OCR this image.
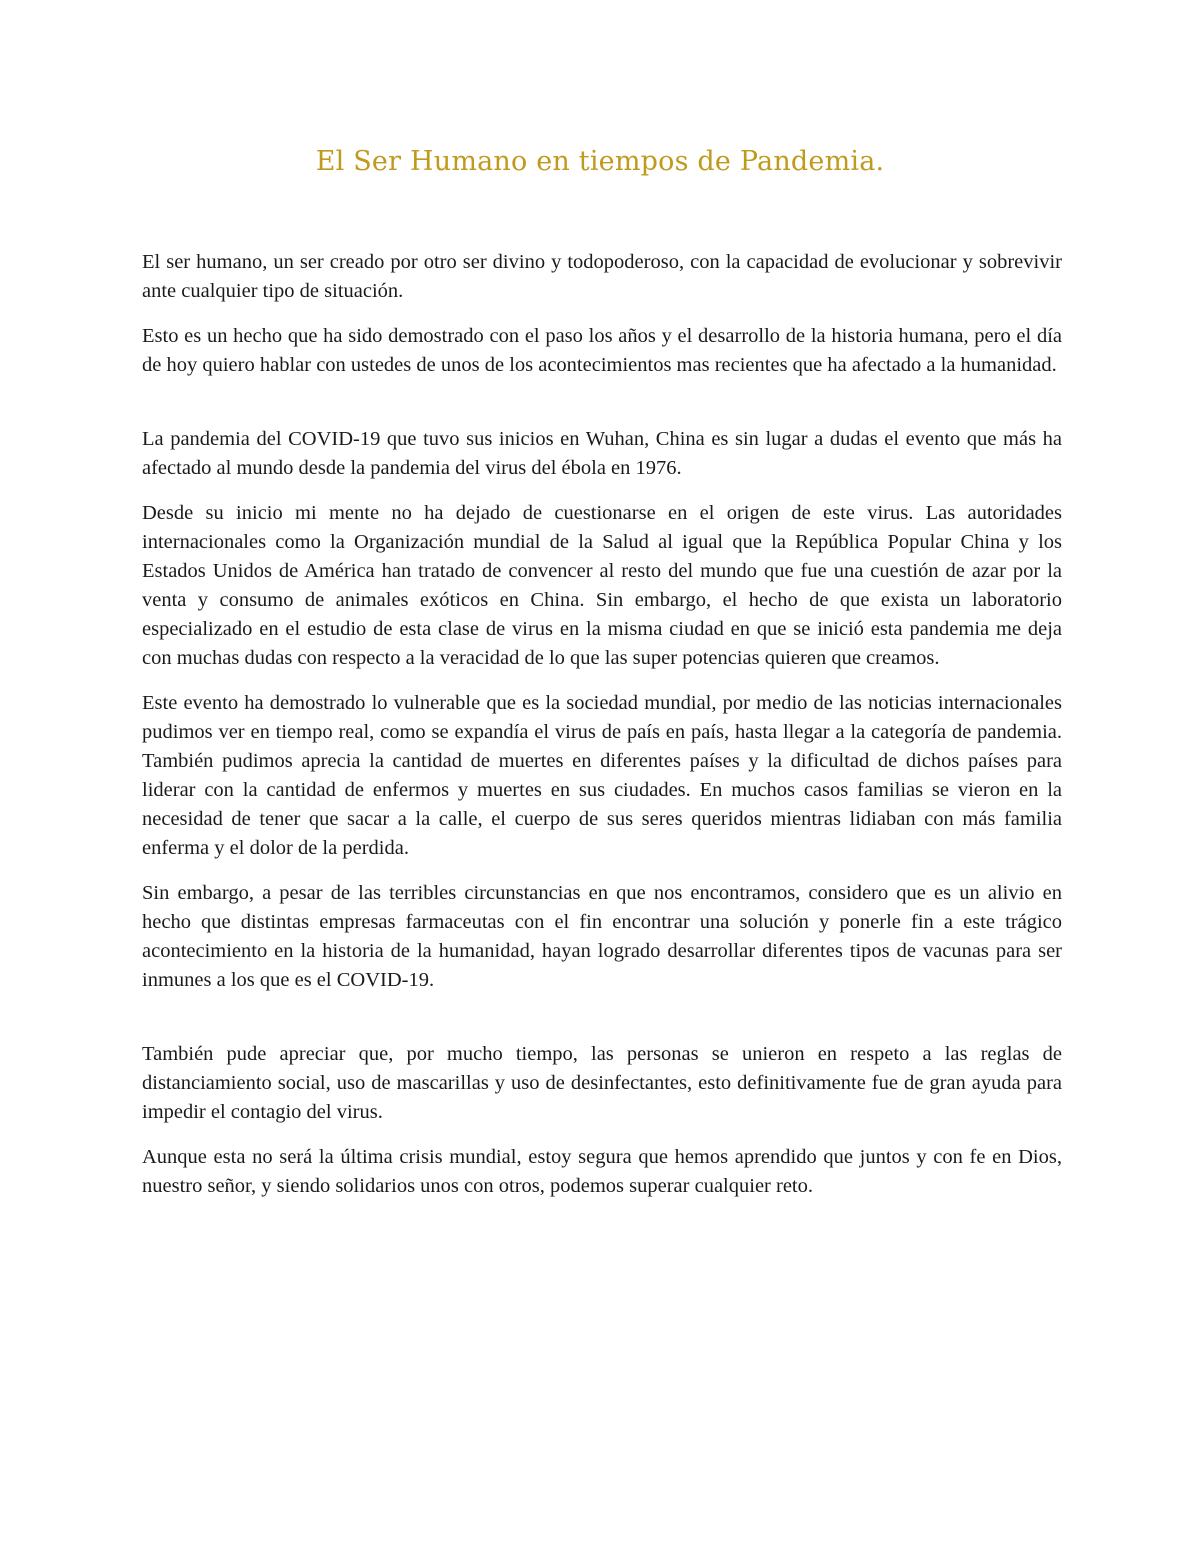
El Ser Humano en tiempos de Pandemia.

El ser humano, un ser creado por otro ser divino y todopoderoso, con la capacidad de evolucionar y sobrevivir ante cualquier tipo de situación.

Esto es un hecho que ha sido demostrado con el paso los años y el desarrollo de la historia humana, pero el día de hoy quiero hablar con ustedes de unos de los acontecimientos mas recientes que ha afectado a la humanidad.

La pandemia del COVID-19 que tuvo sus inicios en Wuhan, China es sin lugar a dudas el evento que más ha afectado al mundo desde la pandemia del virus del ébola en 1976.

Desde su inicio mi mente no ha dejado de cuestionarse en el origen de este virus. Las autoridades internacionales como la Organización mundial de la Salud al igual que la República Popular China y los Estados Unidos de América han tratado de convencer al resto del mundo que fue una cuestión de azar por la venta y consumo de animales exóticos en China. Sin embargo, el hecho de que exista un laboratorio especializado en el estudio de esta clase de virus en la misma ciudad en que se inició esta pandemia me deja con muchas dudas con respecto a la veracidad de lo que las super potencias quieren que creamos.

Este evento ha demostrado lo vulnerable que es la sociedad mundial, por medio de las noticias internacionales pudimos ver en tiempo real, como se expandía el virus de país en país, hasta llegar a la categoría de pandemia. También pudimos aprecia la cantidad de muertes en diferentes países y la dificultad de dichos países para liderar con la cantidad de enfermos y muertes en sus ciudades. En muchos casos familias se vieron en la necesidad de tener que sacar a la calle, el cuerpo de sus seres queridos mientras lidiaban con más familia enferma y el dolor de la perdida.

Sin embargo, a pesar de las terribles circunstancias en que nos encontramos, considero que es un alivio en hecho que distintas empresas farmaceutas con el fin encontrar una solución y ponerle fin a este trágico acontecimiento en la historia de la humanidad, hayan logrado desarrollar diferentes tipos de vacunas para ser inmunes a los que es el COVID-19.

También pude apreciar que, por mucho tiempo, las personas se unieron en respeto a las reglas de distanciamiento social, uso de mascarillas y uso de desinfectantes, esto definitivamente fue de gran ayuda para impedir el contagio del virus.

Aunque esta no será la última crisis mundial, estoy segura que hemos aprendido que juntos y con fe en Dios, nuestro señor, y siendo solidarios unos con otros, podemos superar cualquier reto.
